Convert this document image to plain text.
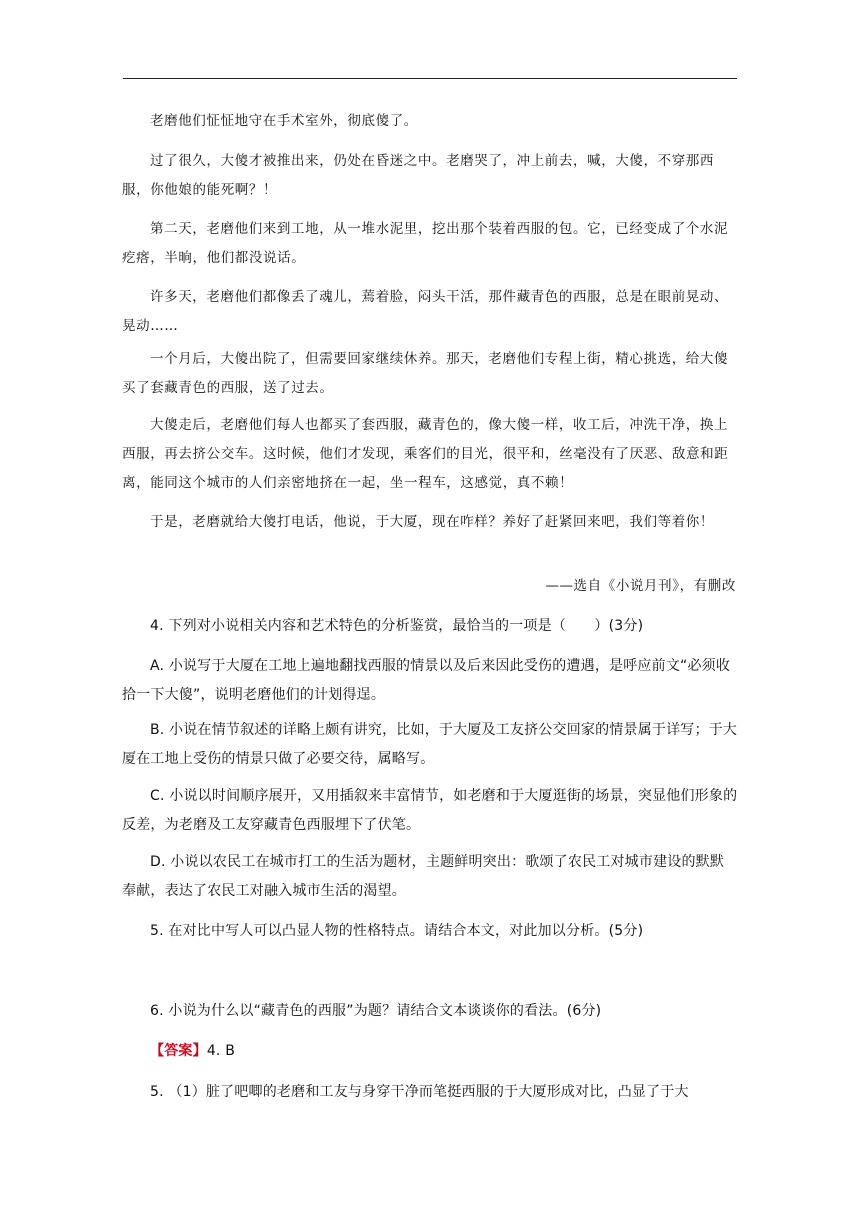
老磨他们怔怔地守在手术室外，彻底傻了。

过了很久，大傻才被推出来，仍处在昏迷之中。老磨哭了，冲上前去，喊，大傻，不穿那西服，你他娘的能死啊？！

第二天，老磨他们来到工地，从一堆水泥里，挖出那个装着西服的包。它，已经变成了个水泥疙瘩，半晌，他们都没说话。

许多天，老磨他们都像丢了魂儿，蔫着脸，闷头干活，那件藏青色的西服，总是在眼前晃动、晃动……

一个月后，大傻出院了，但需要回家继续休养。那天，老磨他们专程上街，精心挑选，给大傻买了套藏青色的西服，送了过去。

大傻走后，老磨他们每人也都买了套西服，藏青色的，像大傻一样，收工后，冲洗干净，换上西服，再去挤公交车。这时候，他们才发现，乘客们的目光，很平和，丝毫没有了厌恶、敌意和距离，能同这个城市的人们亲密地挤在一起，坐一程车，这感觉，真不赖！

于是，老磨就给大傻打电话，他说，于大厦，现在咋样？养好了赶紧回来吧，我们等着你！

——选自《小说月刊》，有删改

4. 下列对小说相关内容和艺术特色的分析鉴赏，最恰当的一项是（　　）(3分)

A. 小说写于大厦在工地上遍地翻找西服的情景以及后来因此受伤的遭遇，是呼应前文“必须收拾一下大傻”，说明老磨他们的计划得逞。

B. 小说在情节叙述的详略上颇有讲究，比如，于大厦及工友挤公交回家的情景属于详写；于大厦在工地上受伤的情景只做了必要交待，属略写。

C. 小说以时间顺序展开，又用插叙来丰富情节，如老磨和于大厦逛街的场景，突显他们形象的反差，为老磨及工友穿藏青色西服埋下了伏笔。

D. 小说以农民工在城市打工的生活为题材，主题鲜明突出：歌颂了农民工对城市建设的默默奉献，表达了农民工对融入城市生活的渴望。

5. 在对比中写人可以凸显人物的性格特点。请结合本文，对此加以分析。(5分)

6. 小说为什么以“藏青色的西服”为题？请结合文本谈谈你的看法。(6分)

【答案】4. B

5. （1）脏了吧唧的老磨和工友与身穿干净而笔挺西服的于大厦形成对比，凸显了于大
